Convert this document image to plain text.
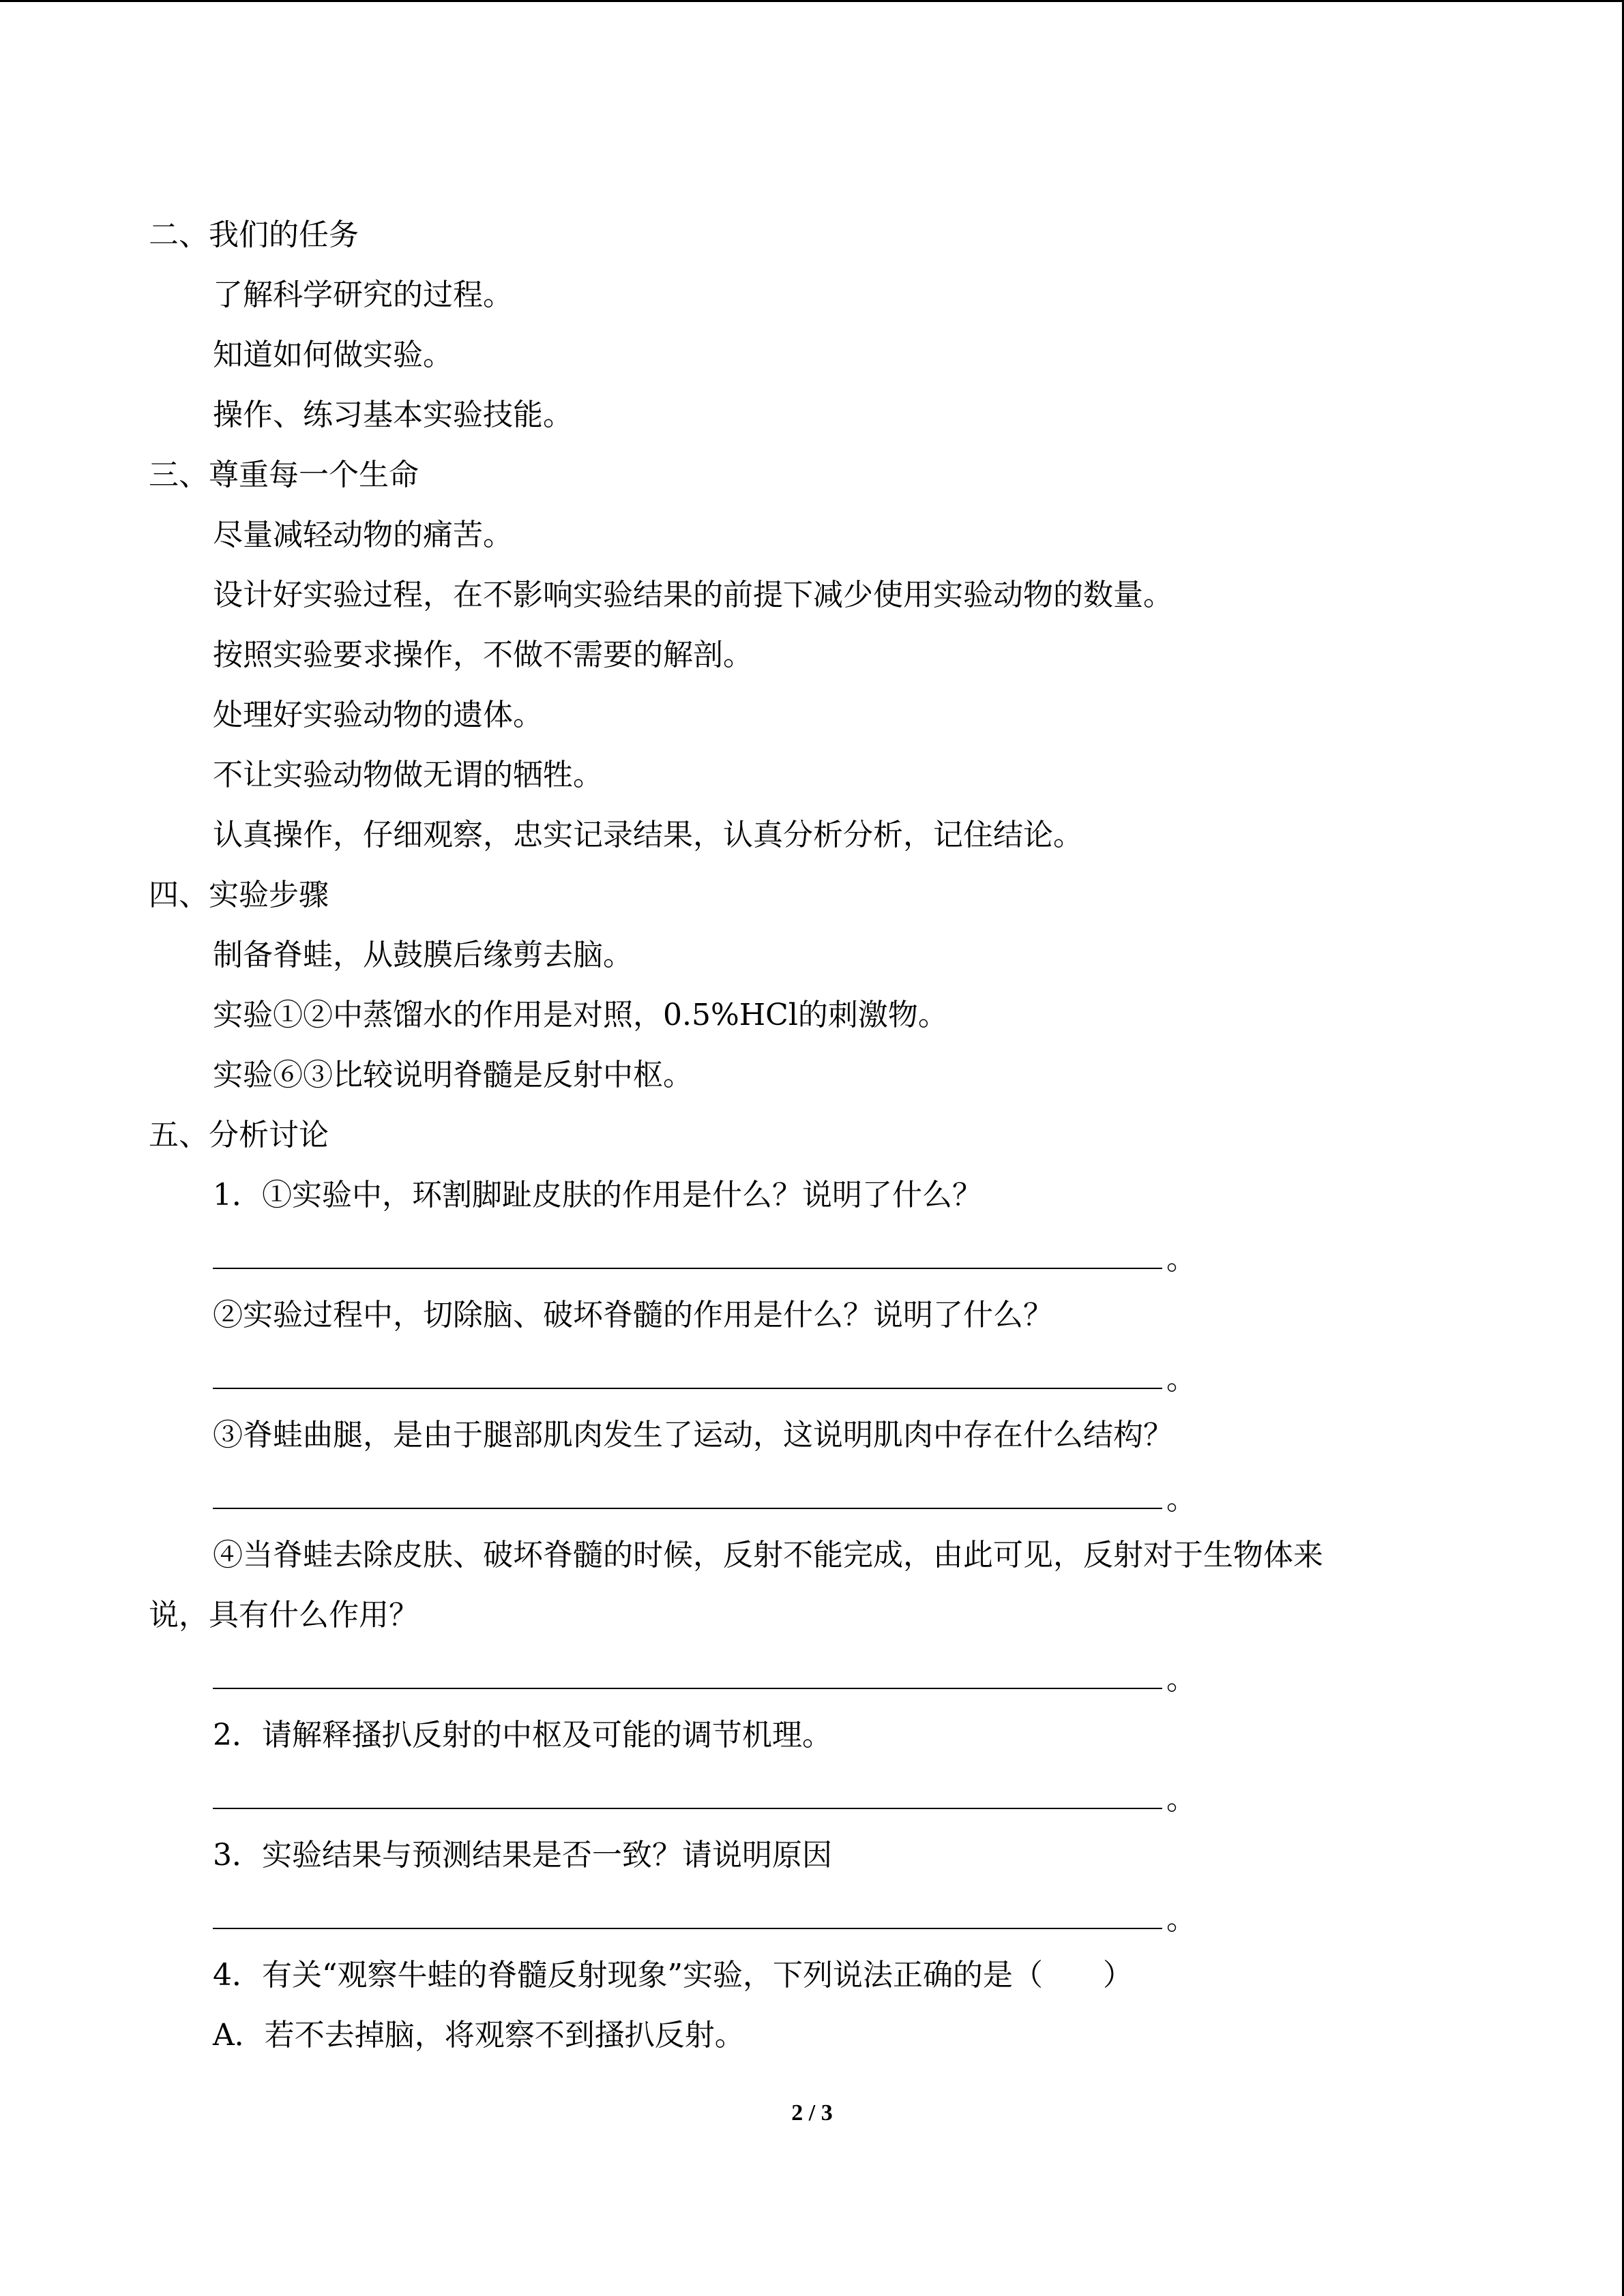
二、我们的任务
了解科学研究的过程。
知道如何做实验。
操作、练习基本实验技能。
三、尊重每一个生命
尽量减轻动物的痛苦。
设计好实验过程，在不影响实验结果的前提下减少使用实验动物的数量。
按照实验要求操作，不做不需要的解剖。
处理好实验动物的遗体。
不让实验动物做无谓的牺牲。
认真操作，仔细观察，忠实记录结果，认真分析分析，记住结论。
四、实验步骤
制备脊蛙，从鼓膜后缘剪去脑。
实验①②中蒸馏水的作用是对照，0.5%HCl的刺激物。
实验⑥③比较说明脊髓是反射中枢。
五、分析讨论
1．①实验中，环割脚趾皮肤的作用是什么？说明了什么？
。
②实验过程中，切除脑、破坏脊髓的作用是什么？说明了什么？
。
③脊蛙曲腿，是由于腿部肌肉发生了运动，这说明肌肉中存在什么结构？
。
④当脊蛙去除皮肤、破坏脊髓的时候，反射不能完成，由此可见，反射对于生物体来
说，具有什么作用？
。
2．请解释搔扒反射的中枢及可能的调节机理。
。
3．实验结果与预测结果是否一致？请说明原因
。
4．有关“观察牛蛙的脊髓反射现象”实验，下列说法正确的是（　　）
A．若不去掉脑，将观察不到搔扒反射。
2 / 3
